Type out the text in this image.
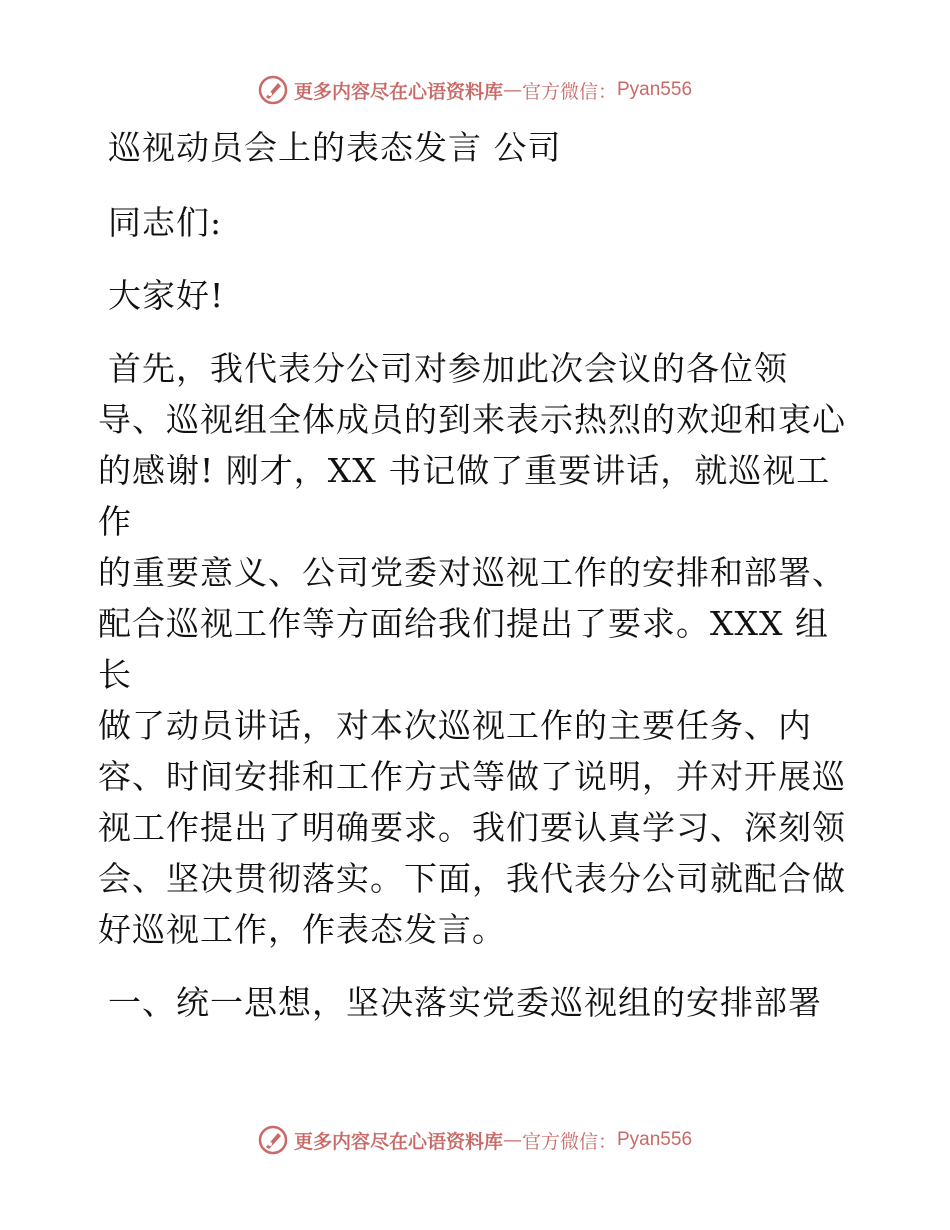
更多内容尽在心语资料库 — 官方微信： Pyan556

巡视动员会上的表态发言 公司

同志们:

大家好!

首先，我代表分公司对参加此次会议的各位领

导、巡视组全体成员的到来表示热烈的欢迎和衷心

的感谢! 刚才，XX 书记做了重要讲话，就巡视工作

的重要意义、公司党委对巡视工作的安排和部署、

配合巡视工作等方面给我们提出了要求。XXX 组长

做了动员讲话，对本次巡视工作的主要任务、内

容、时间安排和工作方式等做了说明，并对开展巡

视工作提出了明确要求。我们要认真学习、深刻领

会、坚决贯彻落实。下面，我代表分公司就配合做

好巡视工作，作表态发言。

一、统一思想，坚决落实党委巡视组的安排部署

更多内容尽在心语资料库 — 官方微信： Pyan556
